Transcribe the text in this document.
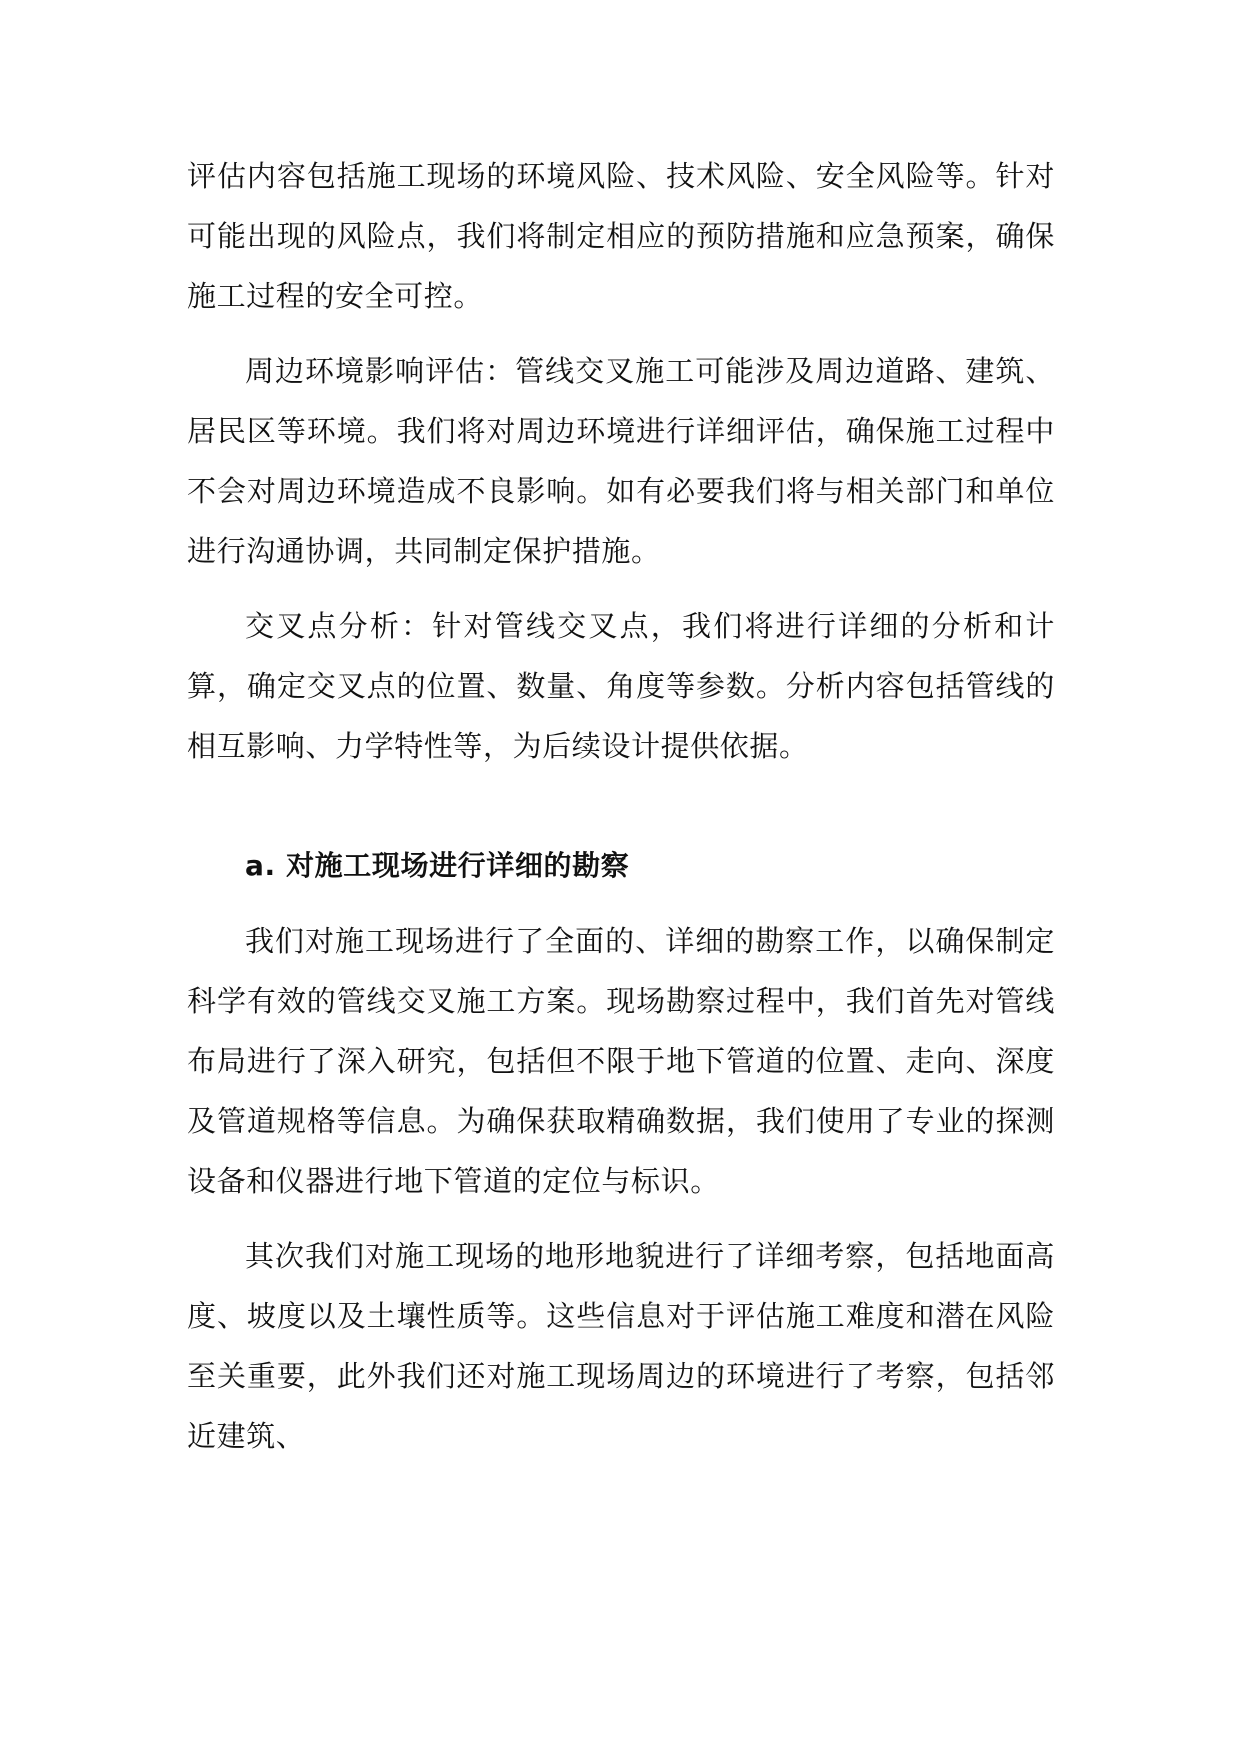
评估内容包括施工现场的环境风险、技术风险、安全风险等。针对可能出现的风险点，我们将制定相应的预防措施和应急预案，确保施工过程的安全可控。

周边环境影响评估：管线交叉施工可能涉及周边道路、建筑、居民区等环境。我们将对周边环境进行详细评估，确保施工过程中不会对周边环境造成不良影响。如有必要我们将与相关部门和单位进行沟通协调，共同制定保护措施。

交叉点分析：针对管线交叉点，我们将进行详细的分析和计算，确定交叉点的位置、数量、角度等参数。分析内容包括管线的相互影响、力学特性等，为后续设计提供依据。

a. 对施工现场进行详细的勘察

我们对施工现场进行了全面的、详细的勘察工作，以确保制定科学有效的管线交叉施工方案。现场勘察过程中，我们首先对管线布局进行了深入研究，包括但不限于地下管道的位置、走向、深度及管道规格等信息。为确保获取精确数据，我们使用了专业的探测设备和仪器进行地下管道的定位与标识。

其次我们对施工现场的地形地貌进行了详细考察，包括地面高度、坡度以及土壤性质等。这些信息对于评估施工难度和潜在风险至关重要，此外我们还对施工现场周边的环境进行了考察，包括邻近建筑、
